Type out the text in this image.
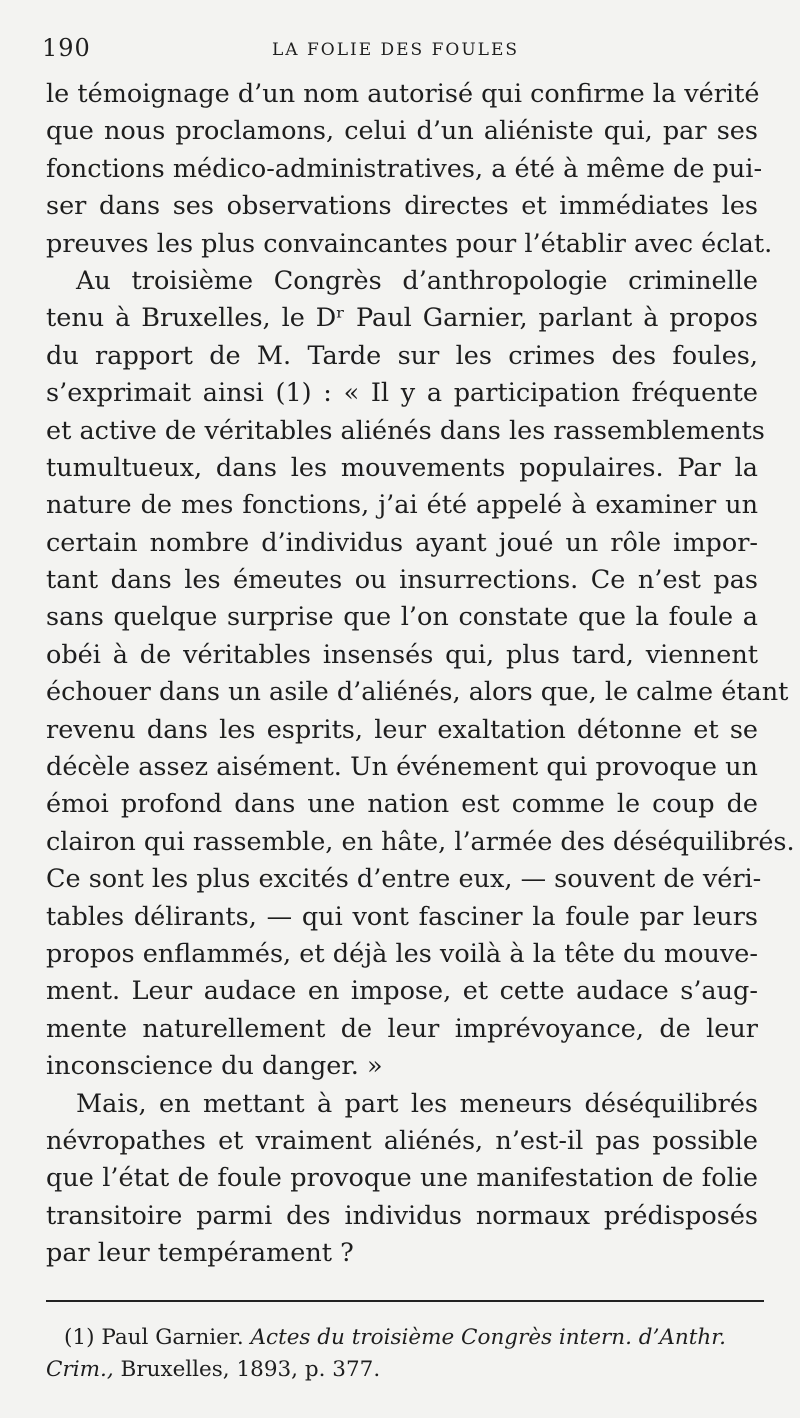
190	LA FOLIE DES FOULES
le témoignage d’un nom autorisé qui confirme la vérité
que nous proclamons, celui d’un aliéniste qui, par ses
fonctions médico-administratives, a été à même de pui-
ser dans ses observations directes et immédiates les
preuves les plus convaincantes pour l’établir avec éclat.
Au troisième Congrès d’anthropologie criminelle
tenu à Bruxelles, le Dʳ Paul Garnier, parlant à propos
du rapport de M. Tarde sur les crimes des foules,
s’exprimait ainsi (1) : « Il y a participation fréquente
et active de véritables aliénés dans les rassemblements
tumultueux, dans les mouvements populaires. Par la
nature de mes fonctions, j’ai été appelé à examiner un
certain nombre d’individus ayant joué un rôle impor-
tant dans les émeutes ou insurrections. Ce n’est pas
sans quelque surprise que l’on constate que la foule a
obéi à de véritables insensés qui, plus tard, viennent
échouer dans un asile d’aliénés, alors que, le calme étant
revenu dans les esprits, leur exaltation détonne et se
décèle assez aisément. Un événement qui provoque un
émoi profond dans une nation est comme le coup de
clairon qui rassemble, en hâte, l’armée des déséquilibrés.
Ce sont les plus excités d’entre eux, — souvent de véri-
tables délirants, — qui vont fasciner la foule par leurs
propos enflammés, et déjà les voilà à la tête du mouve-
ment. Leur audace en impose, et cette audace s’aug-
mente naturellement de leur imprévoyance, de leur
inconscience du danger. »
Mais, en mettant à part les meneurs déséquilibrés
névropathes et vraiment aliénés, n’est-il pas possible
que l’état de foule provoque une manifestation de folie
transitoire parmi des individus normaux prédisposés
par leur tempérament ?
(1) Paul Garnier. Actes du troisième Congrès intern. d’Anthr.
Crim., Bruxelles, 1893, p. 377.
